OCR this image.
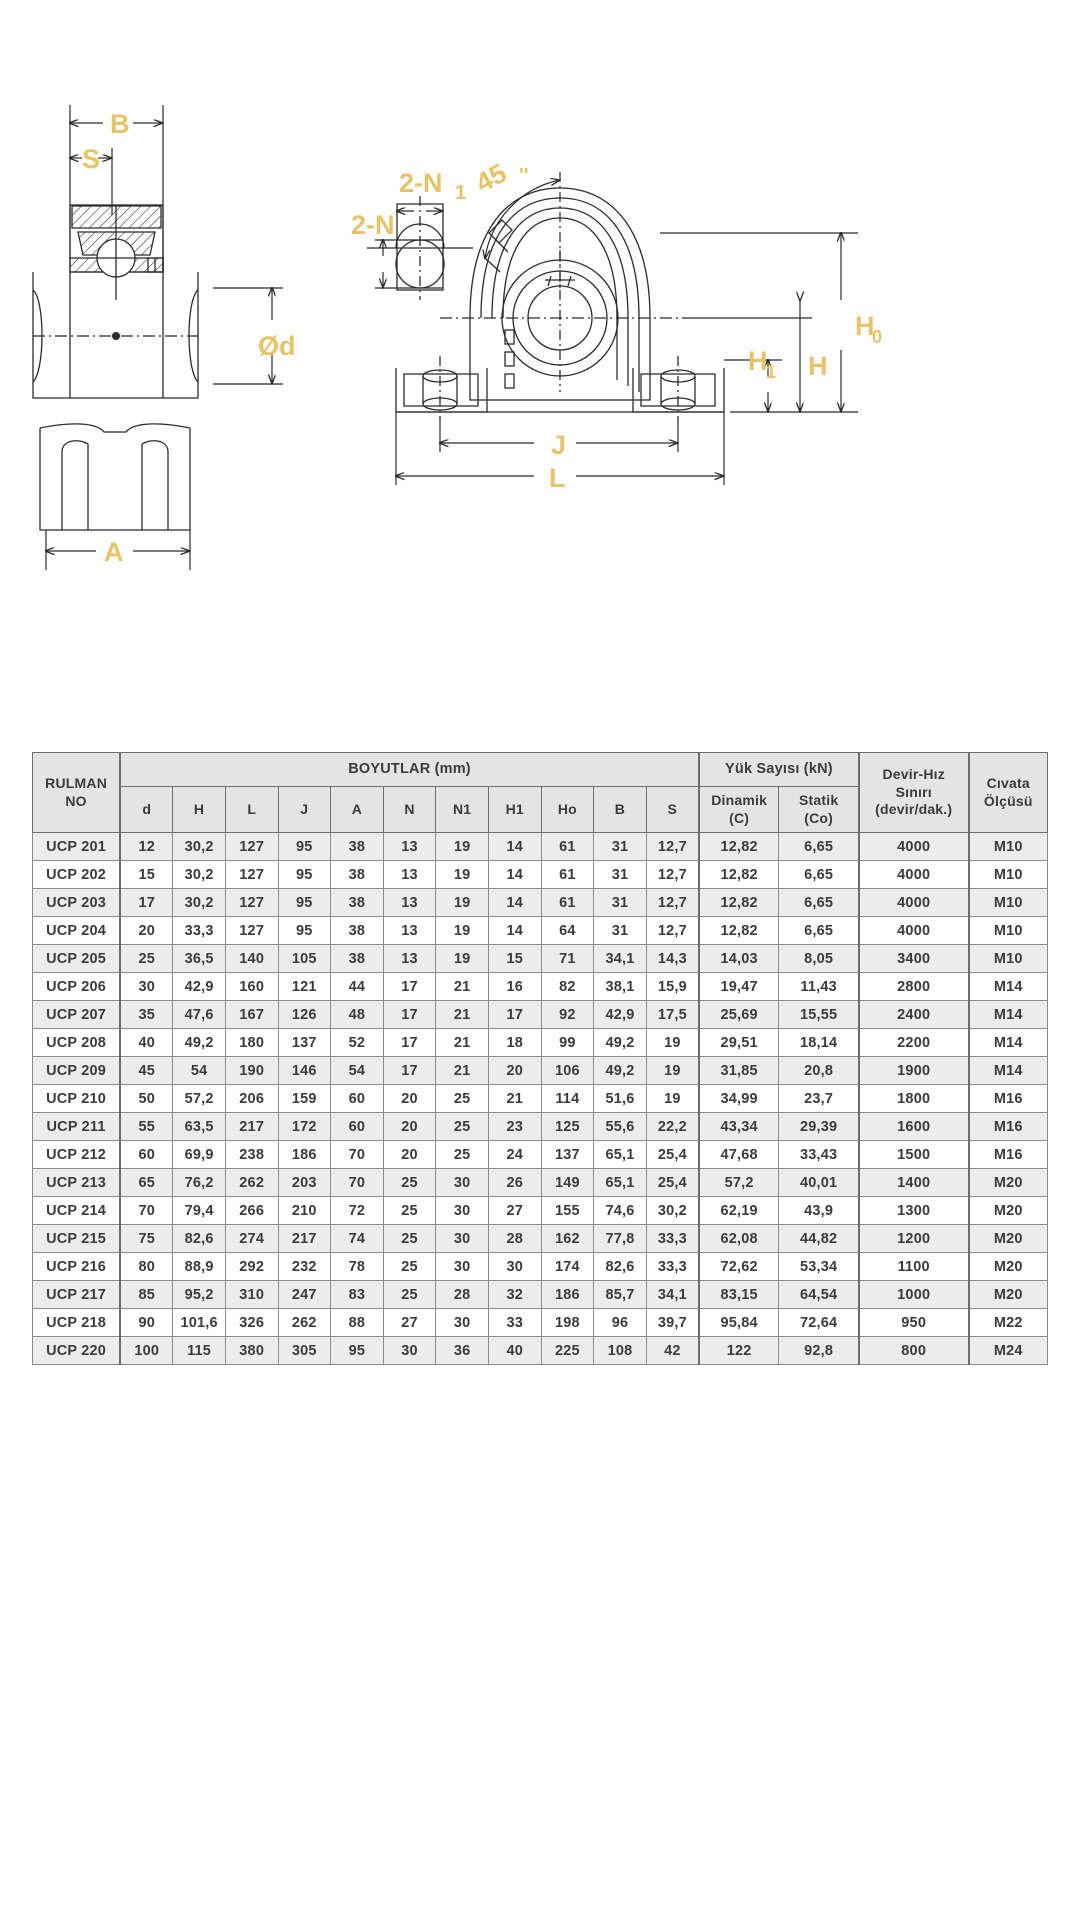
B
S
Ød
A
2-N 1
2-N
45 ''
H
0
H
H
1
J
L
RULMAN
NO
	BOYUTLAR (mm)	Yük Sayısı (kN)	Devir-Hız
Sınırı
(devir/dak.)

Cıvata
Ölçüsü

d	H	L	J	A	N	N1	H1	Ho	B	S	
Dinamik
(C)

Statik
(Co)

UCP 201	12	30,2	127	95	38	13	19	14	61	31	12,7	12,82	6,65	4000	M10
UCP 202	15	30,2	127	95	38	13	19	14	61	31	12,7	12,82	6,65	4000	M10
UCP 203	17	30,2	127	95	38	13	19	14	61	31	12,7	12,82	6,65	4000	M10
UCP 204	20	33,3	127	95	38	13	19	14	64	31	12,7	12,82	6,65	4000	M10
UCP 205	25	36,5	140	105	38	13	19	15	71	34,1	14,3	14,03	8,05	3400	M10
UCP 206	30	42,9	160	121	44	17	21	16	82	38,1	15,9	19,47	11,43	2800	M14
UCP 207	35	47,6	167	126	48	17	21	17	92	42,9	17,5	25,69	15,55	2400	M14
UCP 208	40	49,2	180	137	52	17	21	18	99	49,2	19	29,51	18,14	2200	M14
UCP 209	45	54	190	146	54	17	21	20	106	49,2	19	31,85	20,8	1900	M14
UCP 210	50	57,2	206	159	60	20	25	21	114	51,6	19	34,99	23,7	1800	M16
UCP 211	55	63,5	217	172	60	20	25	23	125	55,6	22,2	43,34	29,39	1600	M16
UCP 212	60	69,9	238	186	70	20	25	24	137	65,1	25,4	47,68	33,43	1500	M16
UCP 213	65	76,2	262	203	70	25	30	26	149	65,1	25,4	57,2	40,01	1400	M20
UCP 214	70	79,4	266	210	72	25	30	27	155	74,6	30,2	62,19	43,9	1300	M20
UCP 215	75	82,6	274	217	74	25	30	28	162	77,8	33,3	62,08	44,82	1200	M20
UCP 216	80	88,9	292	232	78	25	30	30	174	82,6	33,3	72,62	53,34	1100	M20
UCP 217	85	95,2	310	247	83	25	28	32	186	85,7	34,1	83,15	64,54	1000	M20
UCP 218	90	101,6	326	262	88	27	30	33	198	96	39,7	95,84	72,64	950	M22
UCP 220	100	115	380	305	95	30	36	40	225	108	42	122	92,8	800	M24
